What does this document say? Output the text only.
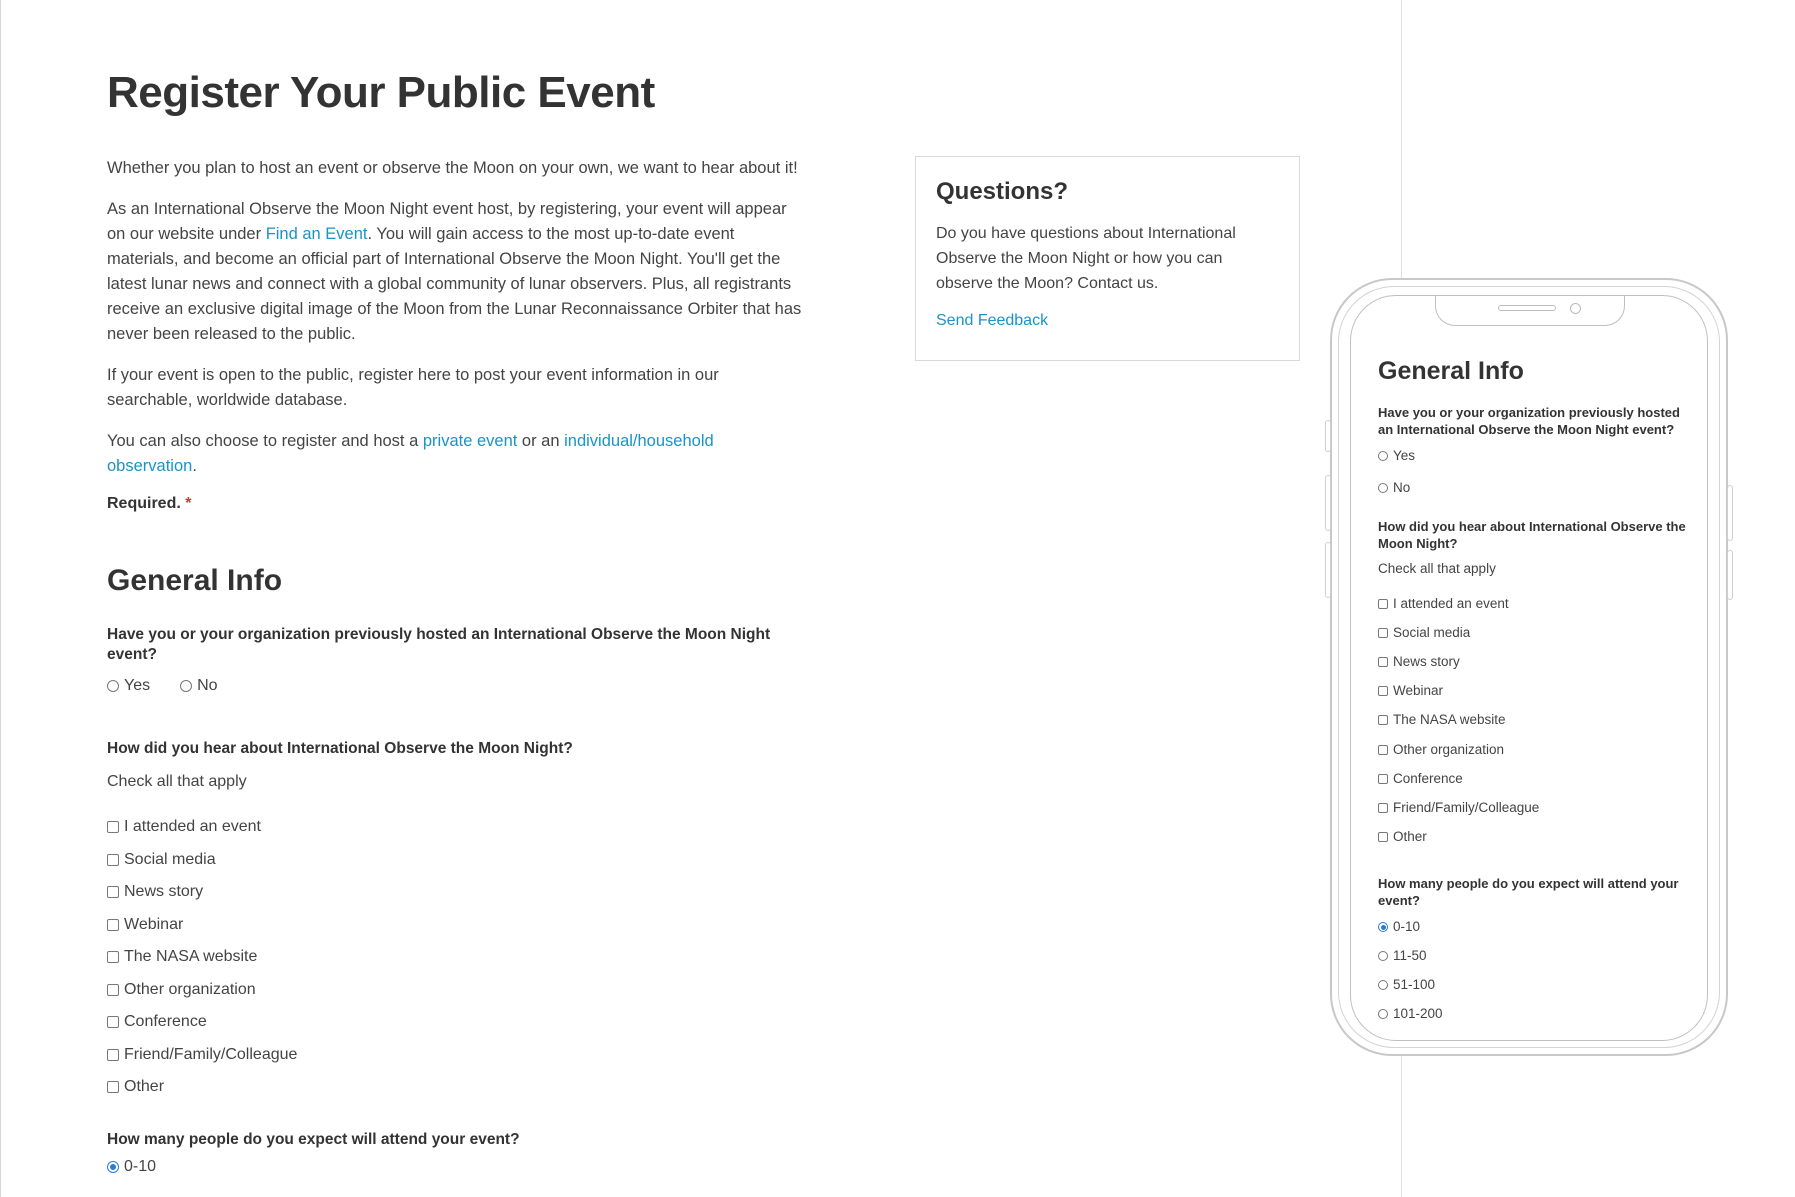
Register Your Public Event

Whether you plan to host an event or observe the Moon on your own, we want to hear about it!

As an International Observe the Moon Night event host, by registering, your event will appear on our website under Find an Event. You will gain access to the most up-to-date event materials, and become an official part of International Observe the Moon Night. You'll get the latest lunar news and connect with a global community of lunar observers. Plus, all registrants receive an exclusive digital image of the Moon from the Lunar Reconnaissance Orbiter that has never been released to the public.

If your event is open to the public, register here to post your event information in our searchable, worldwide database.

You can also choose to register and host a private event or an individual/household observation.

Required. *
General Info
Have you or your organization previously hosted an International Observe the Moon Night event?
Yes	No
How did you hear about International Observe the Moon Night?
Check all that apply
I attended an event
Social media
News story
Webinar
The NASA website
Other organization
Conference
Friend/Family/Colleague
Other
How many people do you expect will attend your event?
0-10
Questions?

Do you have questions about International Observe the Moon Night or how you can observe the Moon? Contact us.

Send Feedback
General Info
Have you or your organization previously hosted an International Observe the Moon Night event?
Yes
No
How did you hear about International Observe the Moon Night?
Check all that apply
I attended an event
Social media
News story
Webinar
The NASA website
Other organization
Conference
Friend/Family/Colleague
Other
How many people do you expect will attend your event?
0-10
11-50
51-100
101-200
